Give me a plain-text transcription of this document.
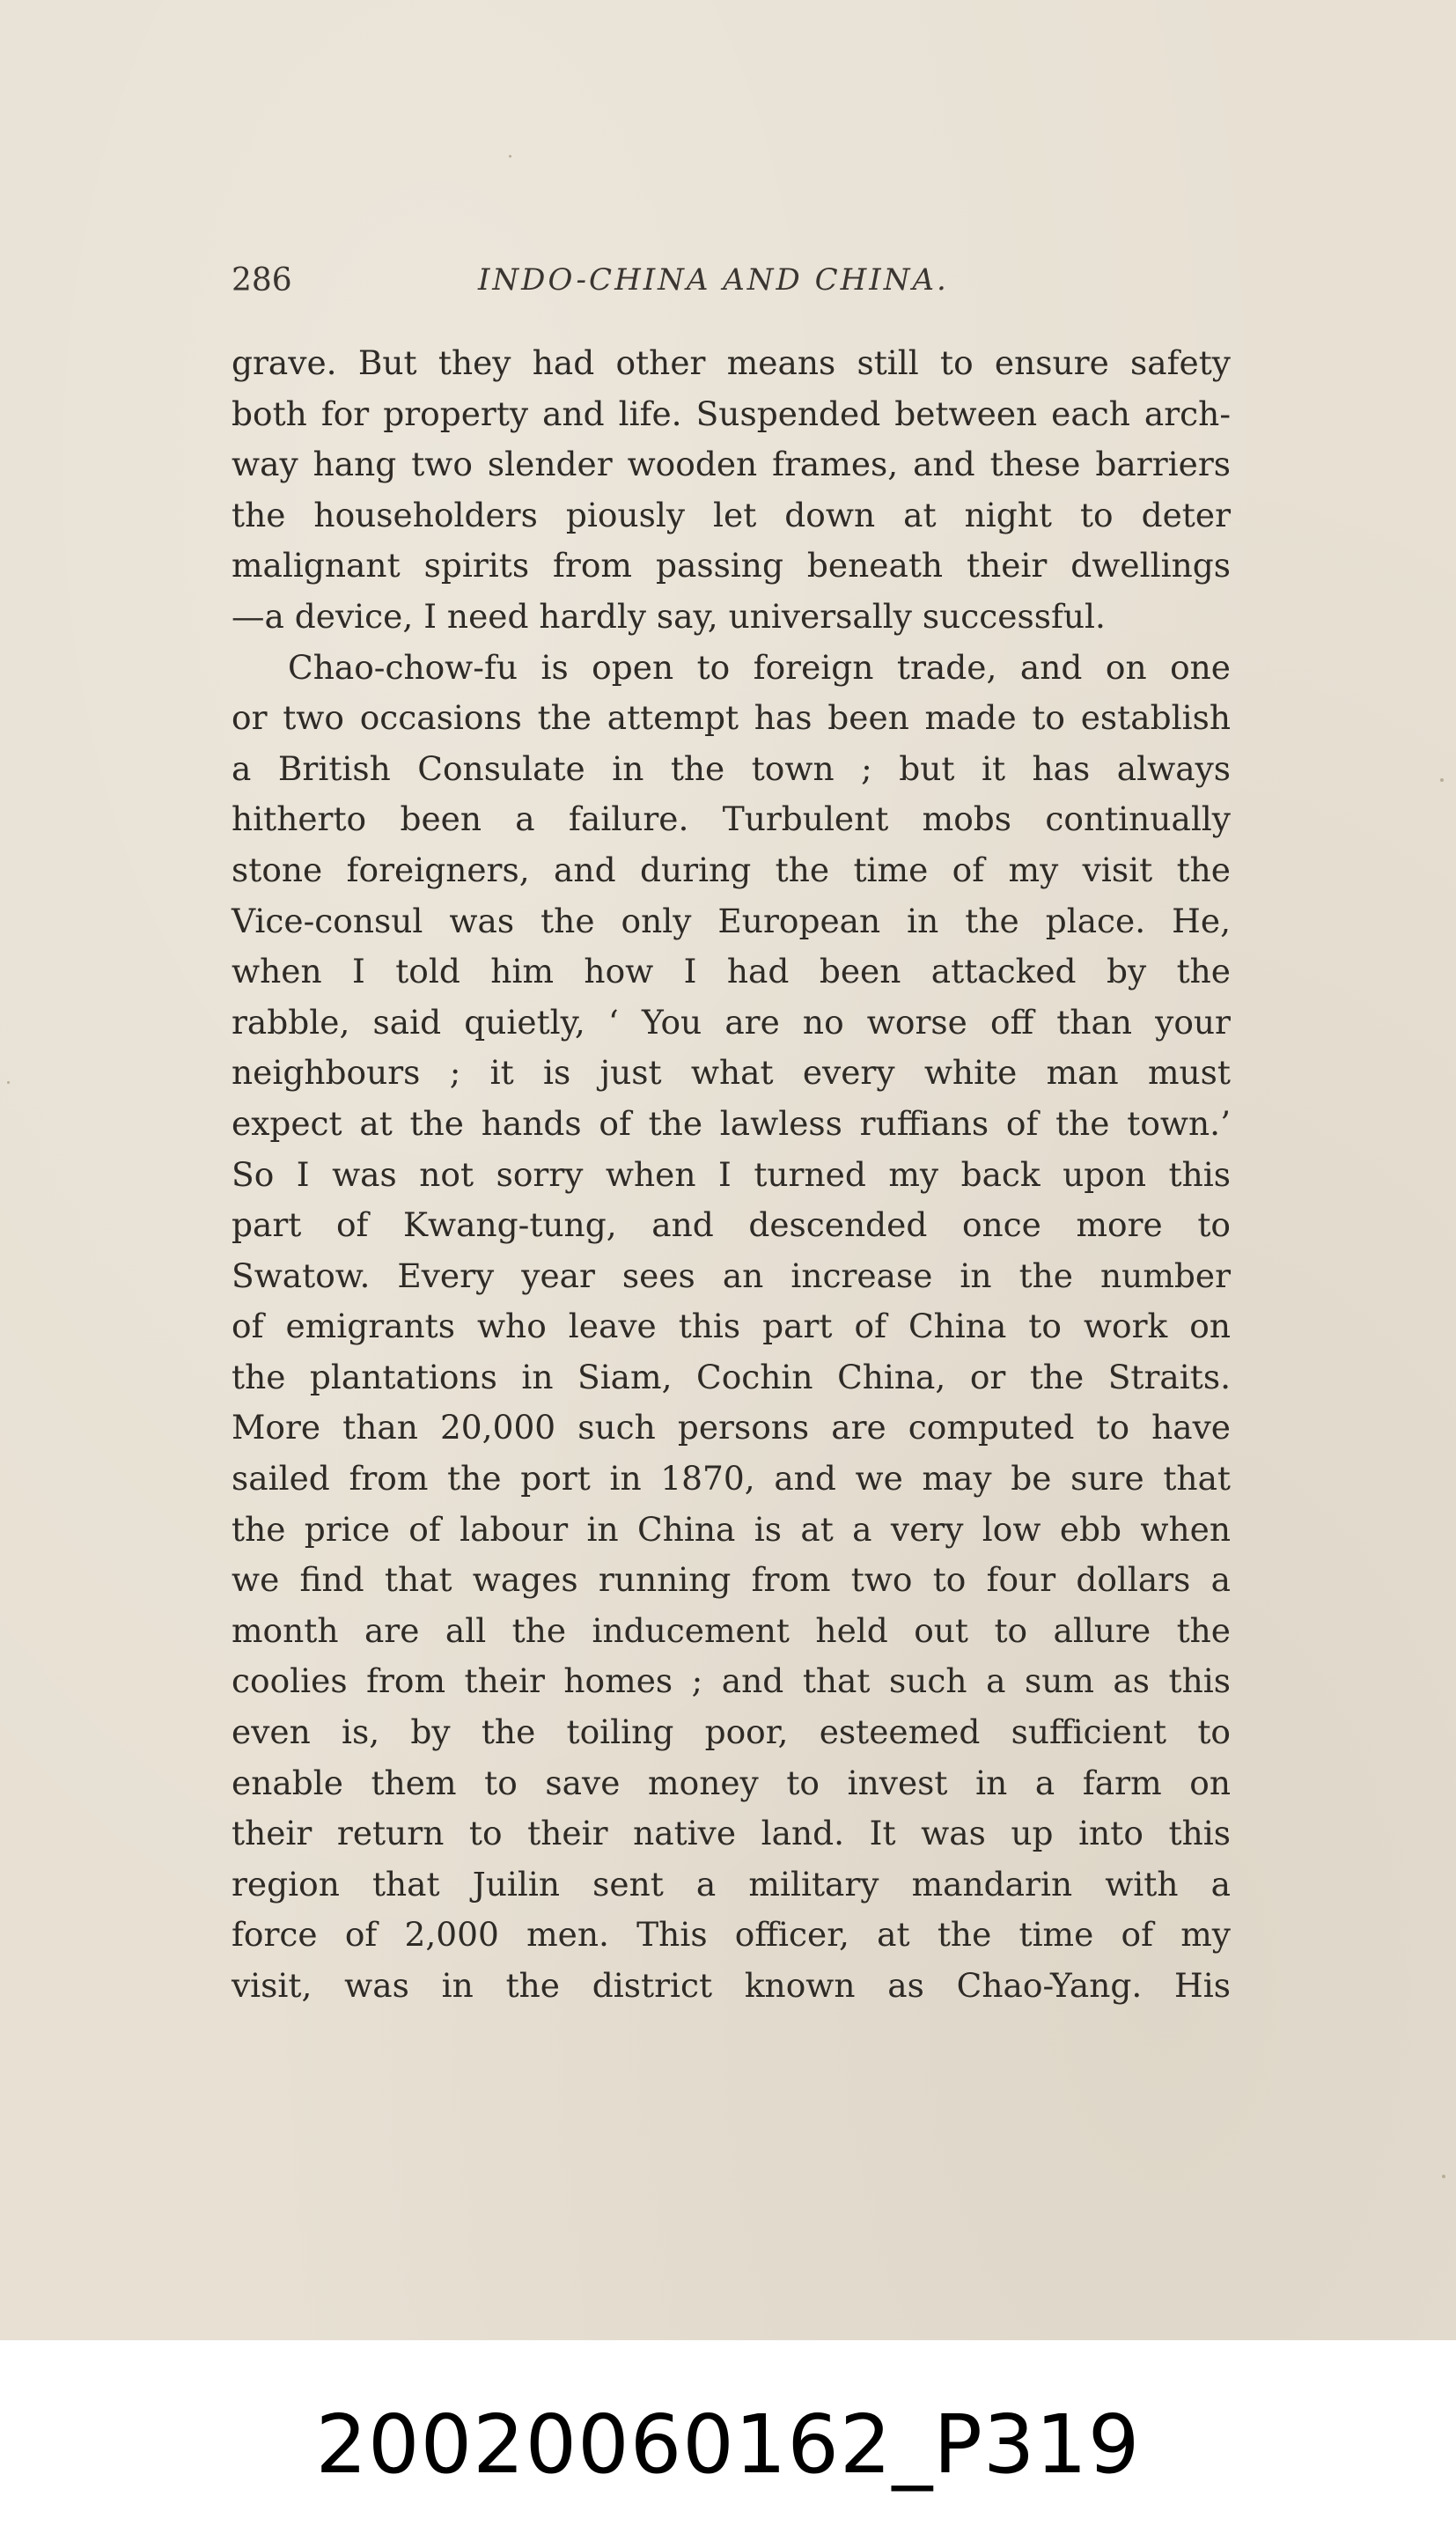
286	INDO-CHINA AND CHINA.
grave. But they had other means still to ensure safety
both for property and life. Suspended between each arch-
way hang two slender wooden frames, and these barriers
the householders piously let down at night to deter
malignant spirits from passing beneath their dwellings
—a device, I need hardly say, universally successful.
Chao-chow-fu is open to foreign trade, and on one
or two occasions the attempt has been made to establish
a British Consulate in the town ; but it has always
hitherto been a failure. Turbulent mobs continually
stone foreigners, and during the time of my visit the
Vice-consul was the only European in the place. He,
when I told him how I had been attacked by the
rabble, said quietly, ‘ You are no worse off than your
neighbours ; it is just what every white man must
expect at the hands of the lawless ruffians of the town.’
So I was not sorry when I turned my back upon this
part of Kwang-tung, and descended once more to
Swatow. Every year sees an increase in the number
of emigrants who leave this part of China to work on
the plantations in Siam, Cochin China, or the Straits.
More than 20,000 such persons are computed to have
sailed from the port in 1870, and we may be sure that
the price of labour in China is at a very low ebb when
we find that wages running from two to four dollars a
month are all the inducement held out to allure the
coolies from their homes ; and that such a sum as this
even is, by the toiling poor, esteemed sufficient to
enable them to save money to invest in a farm on
their return to their native land. It was up into this
region that Juilin sent a military mandarin with a
force of 2,000 men. This officer, at the time of my
visit, was in the district known as Chao-Yang. His
20020060162_P319
